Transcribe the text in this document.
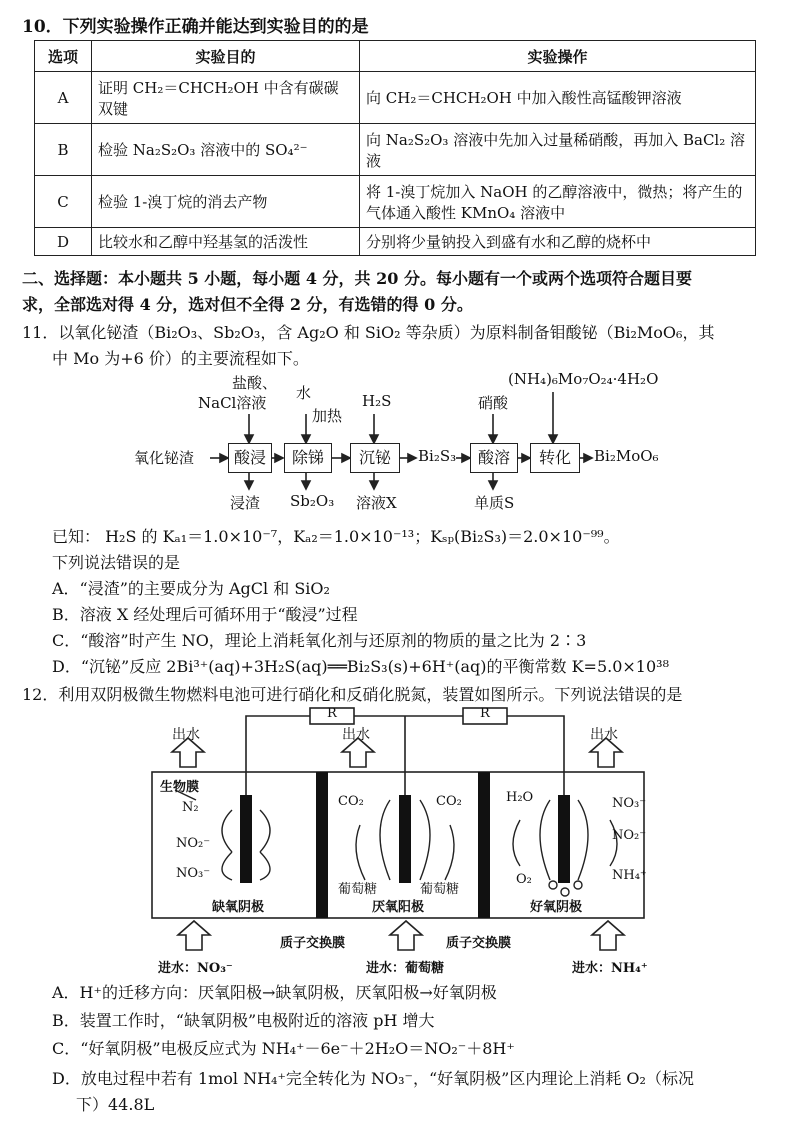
10．下列实验操作正确并能达到实验目的的是
选项	实验目的	实验操作
A	证明 CH₂＝CHCH₂OH 中含有碳碳双键	向 CH₂＝CHCH₂OH 中加入酸性高锰酸钾溶液
B	检验 Na₂S₂O₃ 溶液中的 SO₄²⁻	向 Na₂S₂O₃ 溶液中先加入过量稀硝酸，再加入 BaCl₂ 溶液
C	检验 1-溴丁烷的消去产物	将 1-溴丁烷加入 NaOH 的乙醇溶液中，微热；将产生的气体通入酸性 KMnO₄ 溶液中
D	比较水和乙醇中羟基氢的活泼性	分别将少量钠投入到盛有水和乙醇的烧杯中
二、选择题：本小题共 5 小题，每小题 4 分，共 20 分。每小题有一个或两个选项符合题目要
求，全部选对得 4 分，选对但不全得 2 分，有选错的得 0 分。
11．以氧化铋渣（Bi₂O₃、Sb₂O₃，含 Ag₂O 和 SiO₂ 等杂质）为原料制备钼酸铋（Bi₂MoO₆，其
中 Mo 为+6 价）的主要流程如下。
氧化铋渣	酸浸	除锑	沉铋	Bi₂S₃	酸溶	转化	Bi₂MoO₆
盐酸、
NaCl溶液
水
加热
H₂S	硝酸
(NH₄)₆Mo₇O₂₄·4H₂O
浸渣 Sb₂O₃ 溶液X	单质S
已知： H₂S 的 Kₐ₁＝1.0×10⁻⁷，Kₐ₂＝1.0×10⁻¹³；Kₛₚ(Bi₂S₃)＝2.0×10⁻⁹⁹。
下列说法错误的是
A．“浸渣”的主要成分为 AgCl 和 SiO₂
B．溶液 X 经处理后可循环用于“酸浸”过程
C．“酸溶”时产生 NO，理论上消耗氧化剂与还原剂的物质的量之比为 2∶3
D．“沉铋”反应 2Bi³⁺(aq)+3H₂S(aq)══Bi₂S₃(s)+6H⁺(aq)的平衡常数 K=5.0×10³⁸
12．利用双阴极微生物燃料电池可进行硝化和反硝化脱氮，装置如图所示。下列说法错误的是
R	R
出水	出水	出水
生物膜
N₂
NO₂⁻
NO₃⁻
CO₂	CO₂
葡萄糖	葡萄糖
H₂O	NO₃⁻
NO₂⁻
NH₄⁺
O₂
缺氧阴极	厌氧阳极	好氧阴极
质子交换膜	质子交换膜
进水：NO₃⁻	进水：葡萄糖	进水：NH₄⁺
A．H⁺的迁移方向：厌氧阳极→缺氧阴极，厌氧阳极→好氧阴极
B．装置工作时，“缺氧阴极”电极附近的溶液 pH 增大
C．“好氧阴极”电极反应式为 NH₄⁺－6e⁻＋2H₂O＝NO₂⁻＋8H⁺
D．放电过程中若有 1mol NH₄⁺完全转化为 NO₃⁻，“好氧阴极”区内理论上消耗 O₂（标况
下）44.8L
